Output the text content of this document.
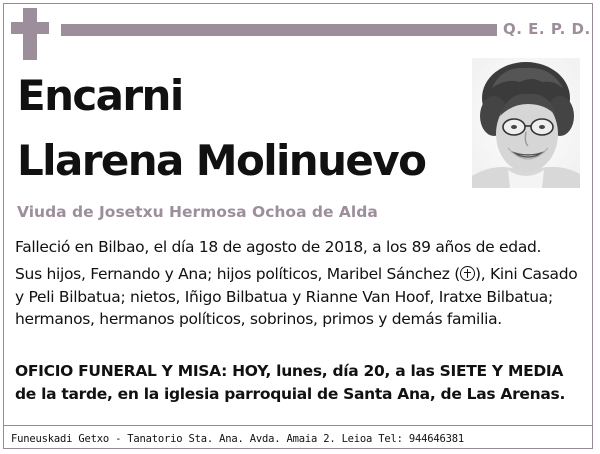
Q. E. P. D.
Encarni
Llarena Molinuevo
Viuda de Josetxu Hermosa Ochoa de Alda
Falleció en Bilbao, el día 18 de agosto de 2018, a los 89 años de edad.
Sus hijos, Fernando y Ana; hijos políticos, Maribel Sánchez ( ), Kini Casado y Peli Bilbatua; nietos, Iñigo Bilbatua y Rianne Van Hoof, Iratxe Bilbatua; hermanos, hermanos políticos, sobrinos, primos y demás familia.
OFICIO FUNERAL Y MISA: HOY, lunes, día 20, a las SIETE Y MEDIA de la tarde, en la iglesia parroquial de Santa Ana, de Las Arenas.
Funeuskadi Getxo - Tanatorio Sta. Ana. Avda. Amaia 2. Leioa Tel: 944646381
